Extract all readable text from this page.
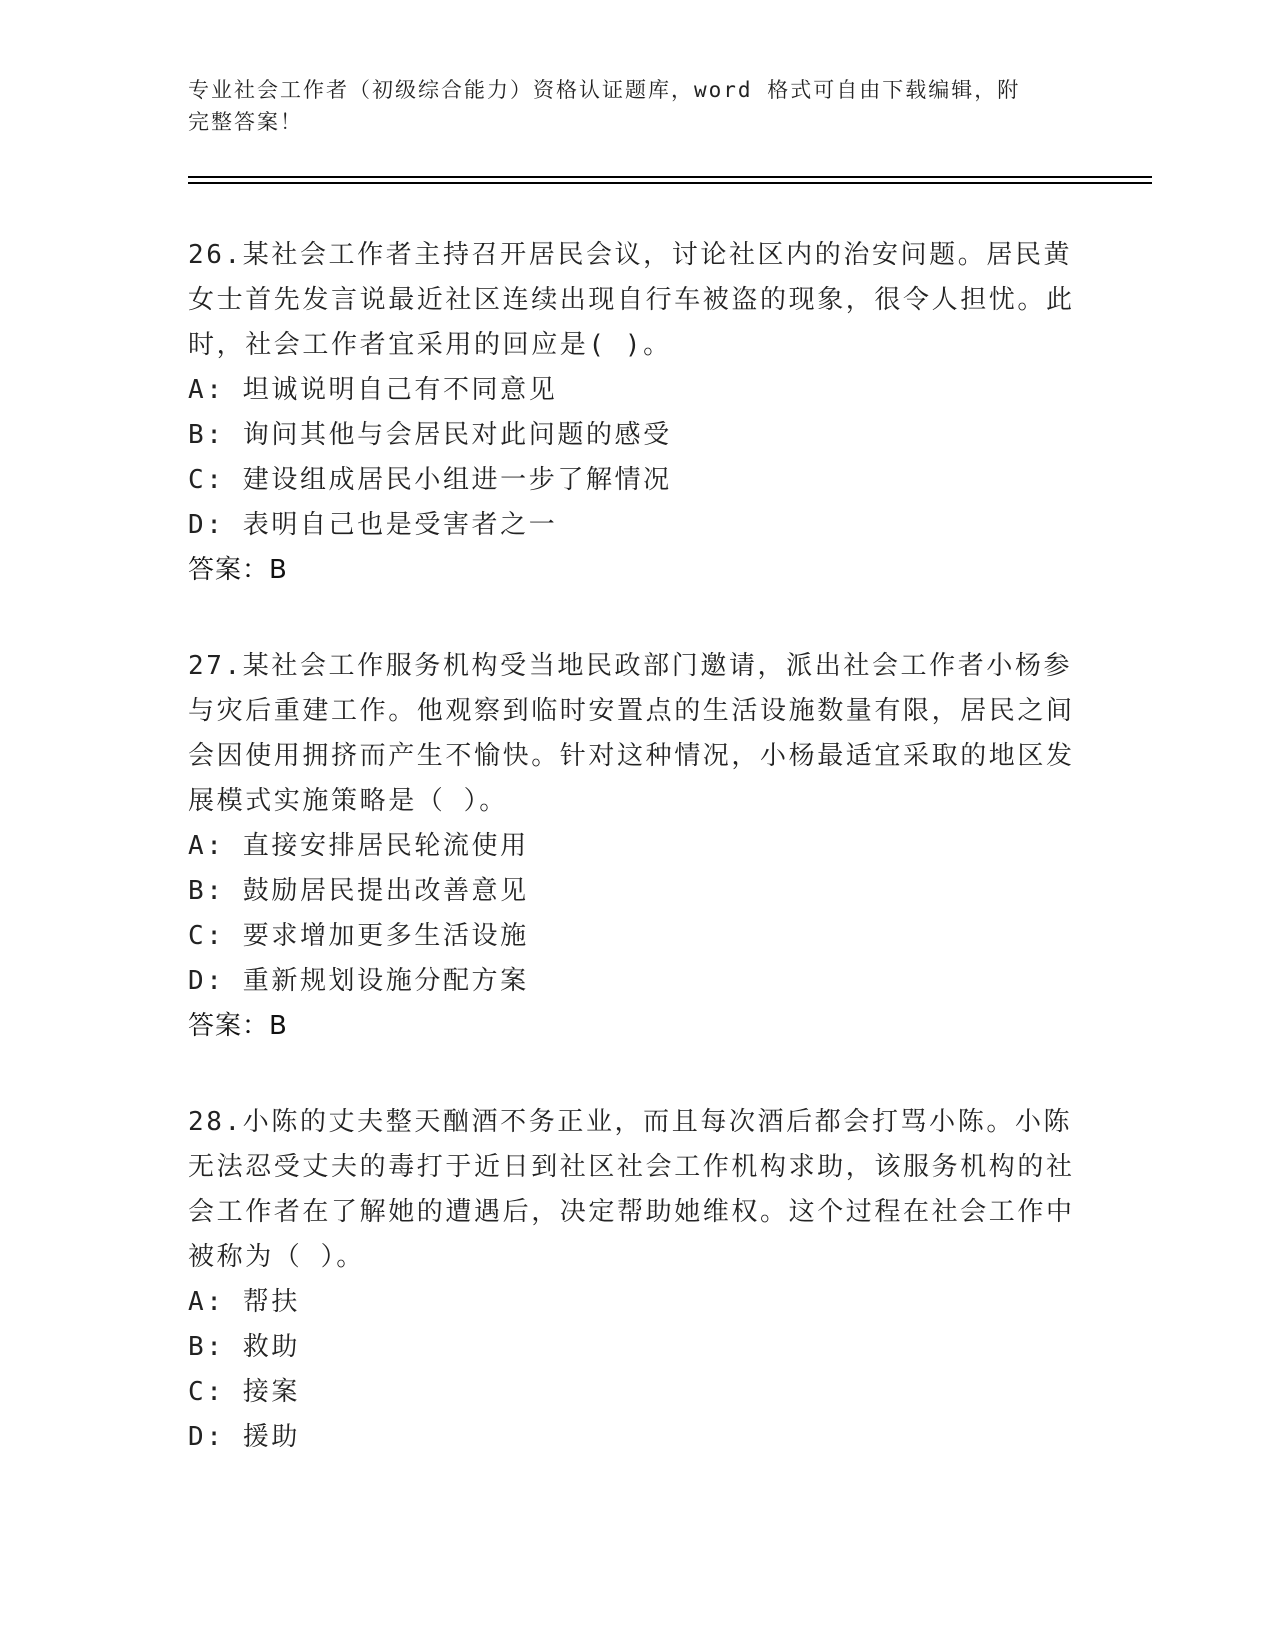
专业社会工作者（初级综合能力）资格认证题库，word 格式可自由下载编辑，附
完整答案！

26.某社会工作者主持召开居民会议，讨论社区内的治安问题。居民黄女士首先发言说最近社区连续出现自行车被盗的现象，很令人担忧。此时，社会工作者宜采用的回应是( )。

A: 坦诚说明自己有不同意见

B: 询问其他与会居民对此问题的感受

C: 建设组成居民小组进一步了解情况

D: 表明自己也是受害者之一

答案：B

27.某社会工作服务机构受当地民政部门邀请，派出社会工作者小杨参与灾后重建工作。他观察到临时安置点的生活设施数量有限，居民之间会因使用拥挤而产生不愉快。针对这种情况，小杨最适宜采取的地区发展模式实施策略是（ ）。

A: 直接安排居民轮流使用

B: 鼓励居民提出改善意见

C: 要求增加更多生活设施

D: 重新规划设施分配方案

答案：B

28.小陈的丈夫整天酗酒不务正业，而且每次酒后都会打骂小陈。小陈无法忍受丈夫的毒打于近日到社区社会工作机构求助，该服务机构的社会工作者在了解她的遭遇后，决定帮助她维权。这个过程在社会工作中被称为（ ）。

A: 帮扶

B: 救助

C: 接案

D: 援助
